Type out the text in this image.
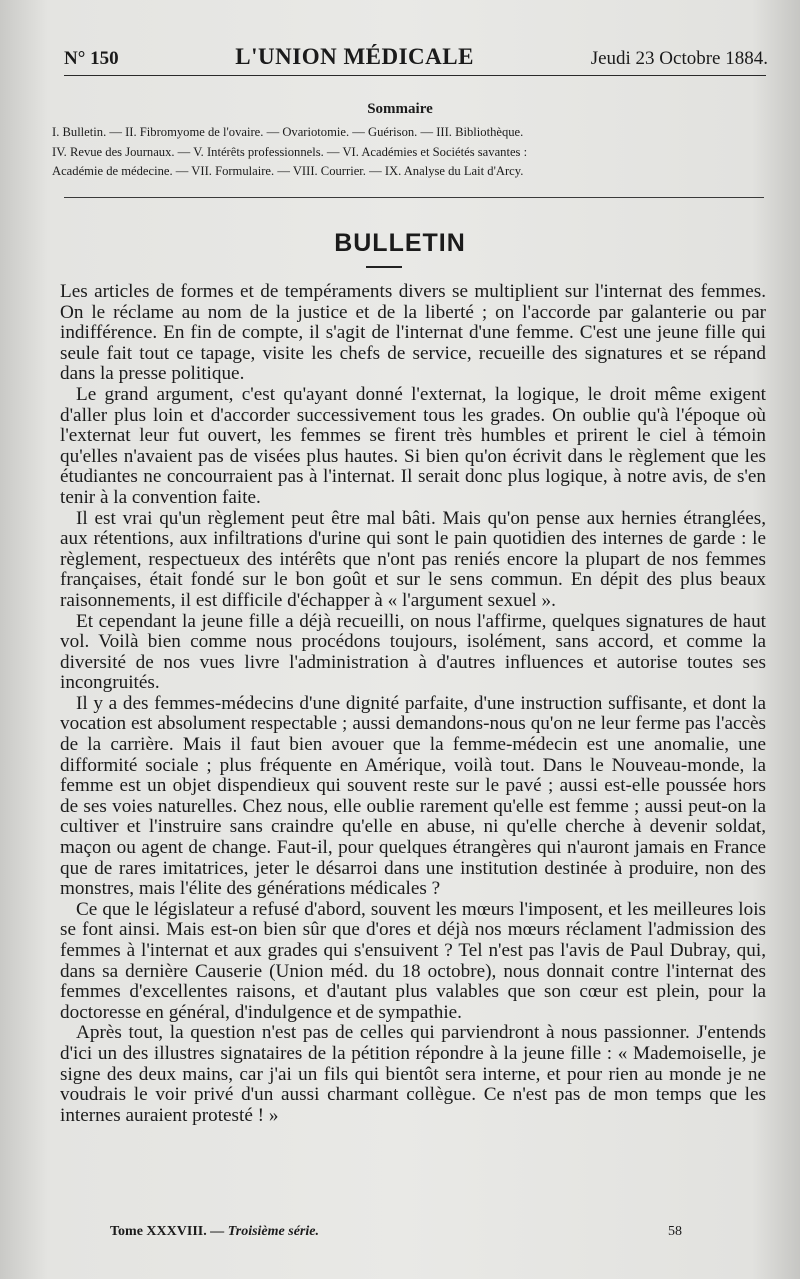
N° 150	L'UNION MÉDICALE	Jeudi 23 Octobre 1884.
Sommaire

I. Bulletin. — II. Fibromyome de l'ovaire. — Ovariotomie. — Guérison. — III. Bibliothèque.

IV. Revue des Journaux. — V. Intérêts professionnels. — VI. Académies et Sociétés savantes :

Académie de médecine. — VII. Formulaire. — VIII. Courrier. — IX. Analyse du Lait d'Arcy.

BULLETIN

Les articles de formes et de tempéraments divers se multiplient sur l'internat des femmes. On le réclame au nom de la justice et de la liberté ; on l'accorde par galanterie ou par indifférence. En fin de compte, il s'agit de l'internat d'une femme. C'est une jeune fille qui seule fait tout ce tapage, visite les chefs de service, recueille des signatures et se répand dans la presse politique.

Le grand argument, c'est qu'ayant donné l'externat, la logique, le droit même exigent d'aller plus loin et d'accorder successivement tous les grades. On oublie qu'à l'époque où l'externat leur fut ouvert, les femmes se firent très humbles et prirent le ciel à témoin qu'elles n'avaient pas de visées plus hautes. Si bien qu'on écrivit dans le règlement que les étudiantes ne concourraient pas à l'internat. Il serait donc plus logique, à notre avis, de s'en tenir à la convention faite.

Il est vrai qu'un règlement peut être mal bâti. Mais qu'on pense aux hernies étranglées, aux rétentions, aux infiltrations d'urine qui sont le pain quotidien des internes de garde : le règlement, respectueux des intérêts que n'ont pas reniés encore la plupart de nos femmes françaises, était fondé sur le bon goût et sur le sens commun. En dépit des plus beaux raisonnements, il est difficile d'échapper à « l'argument sexuel ».

Et cependant la jeune fille a déjà recueilli, on nous l'affirme, quelques signatures de haut vol. Voilà bien comme nous procédons toujours, isolément, sans accord, et comme la diversité de nos vues livre l'administration à d'autres influences et autorise toutes ses incongruités.

Il y a des femmes-médecins d'une dignité parfaite, d'une instruction suffisante, et dont la vocation est absolument respectable ; aussi demandons-nous qu'on ne leur ferme pas l'accès de la carrière. Mais il faut bien avouer que la femme-médecin est une anomalie, une difformité sociale ; plus fréquente en Amérique, voilà tout. Dans le Nouveau-monde, la femme est un objet dispendieux qui souvent reste sur le pavé ; aussi est-elle poussée hors de ses voies naturelles. Chez nous, elle oublie rarement qu'elle est femme ; aussi peut-on la cultiver et l'instruire sans craindre qu'elle en abuse, ni qu'elle cherche à devenir soldat, maçon ou agent de change. Faut-il, pour quelques étrangères qui n'auront jamais en France que de rares imitatrices, jeter le désarroi dans une institution destinée à produire, non des monstres, mais l'élite des générations médicales ?

Ce que le législateur a refusé d'abord, souvent les mœurs l'imposent, et les meilleures lois se font ainsi. Mais est-on bien sûr que d'ores et déjà nos mœurs réclament l'admission des femmes à l'internat et aux grades qui s'ensuivent ? Tel n'est pas l'avis de Paul Dubray, qui, dans sa dernière Causerie (Union méd. du 18 octobre), nous donnait contre l'internat des femmes d'excellentes raisons, et d'autant plus valables que son cœur est plein, pour la doctoresse en général, d'indulgence et de sympathie.

Après tout, la question n'est pas de celles qui parviendront à nous passionner. J'entends d'ici un des illustres signataires de la pétition répondre à la jeune fille : « Mademoiselle, je signe des deux mains, car j'ai un fils qui bientôt sera interne, et pour rien au monde je ne voudrais le voir privé d'un aussi charmant collègue. Ce n'est pas de mon temps que les internes auraient protesté ! »

Tome XXXVIII. — Troisième série.	58
